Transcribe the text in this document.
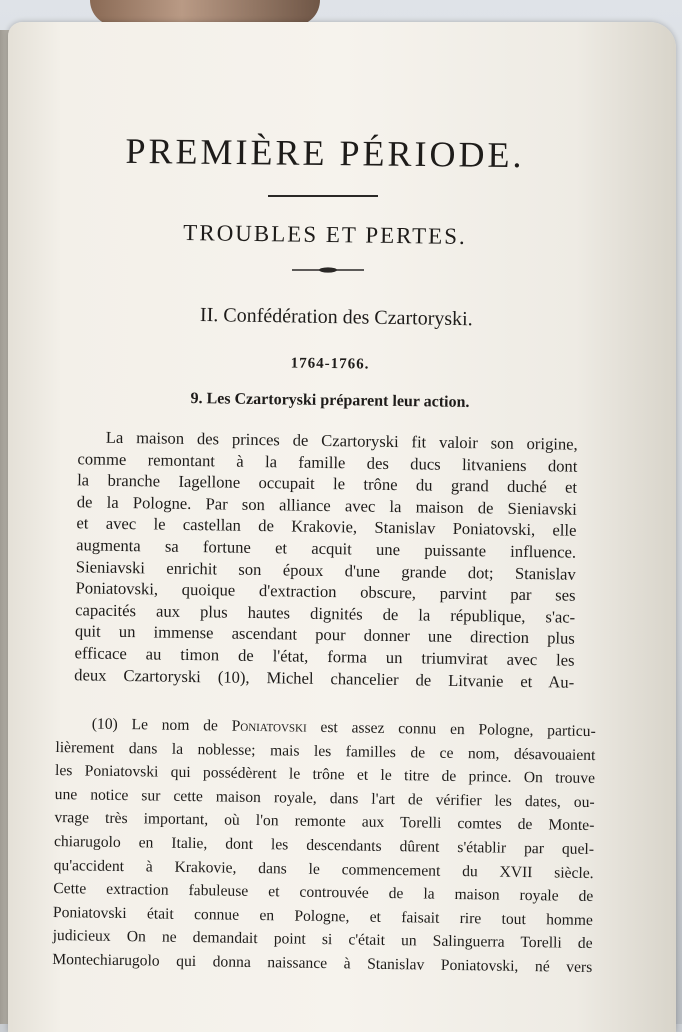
PREMIÈRE PÉRIODE.
TROUBLES ET PERTES.
II. Confédération des Czartoryski.
1764-1766.
9. Les Czartoryski préparent leur action.
La maison des princes de Czartoryski fit valoir son origine,
comme remontant à la famille des ducs litvaniens dont
la branche Iagellone occupait le trône du grand duché et
de la Pologne. Par son alliance avec la maison de Sieniavski
et avec le castellan de Krakovie, Stanislav Poniatovski, elle
augmenta sa fortune et acquit une puissante influence.
Sieniavski enrichit son époux d'une grande dot; Stanislav
Poniatovski, quoique d'extraction obscure, parvint par ses
capacités aux plus hautes dignités de la république, s'ac-
quit un immense ascendant pour donner une direction plus
efficace au timon de l'état, forma un triumvirat avec les
deux Czartoryski (10), Michel chancelier de Litvanie et Au-
(10) Le nom de Poniatovski est assez connu en Pologne, particu-
lièrement dans la noblesse; mais les familles de ce nom, désavouaient
les Poniatovski qui possédèrent le trône et le titre de prince. On trouve
une notice sur cette maison royale, dans l'art de vérifier les dates, ou-
vrage très important, où l'on remonte aux Torelli comtes de Monte-
chiarugolo en Italie, dont les descendants dûrent s'établir par quel-
qu'accident à Krakovie, dans le commencement du XVII siècle.
Cette extraction fabuleuse et controuvée de la maison royale de
Poniatovski était connue en Pologne, et faisait rire tout homme
judicieux On ne demandait point si c'était un Salinguerra Torelli de
Montechiarugolo qui donna naissance à Stanislav Poniatovski, né vers
